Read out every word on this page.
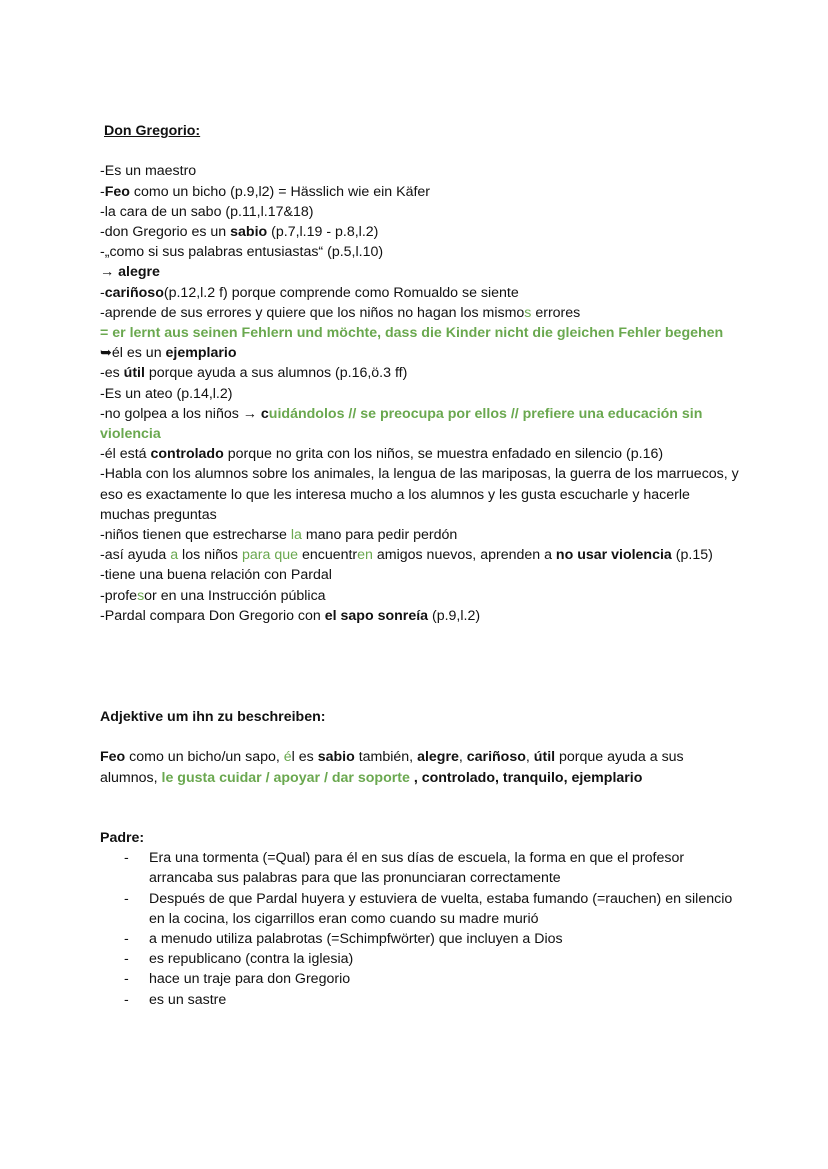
Don Gregorio:
-Es un maestro
-Feo como un bicho (p.9,l2) = Hässlich wie ein Käfer
-la cara de un sabo (p.11,l.17&18)
-don Gregorio es un sabio (p.7,l.19 - p.8,l.2)
-„como si sus palabras entusiastas“ (p.5,l.10)
→ alegre
-cariñoso(p.12,l.2 f) porque comprende como Romualdo se siente
-aprende de sus errores y quiere que los niños no hagan los mismos errores
= er lernt aus seinen Fehlern und möchte, dass die Kinder nicht die gleichen Fehler begehen
➥él es un ejemplario
-es útil porque ayuda a sus alumnos (p.16,ö.3 ff)
-Es un ateo (p.14,l.2)
-no golpea a los niños → cuidándolos // se preocupa por ellos // prefiere una educación sin violencia
-él está controlado porque no grita con los niños, se muestra enfadado en silencio (p.16)
-Habla con los alumnos sobre los animales, la lengua de las mariposas, la guerra de los marruecos, y eso es exactamente lo que les interesa mucho a los alumnos y les gusta escucharle y hacerle muchas preguntas
-niños tienen que estrecharse la mano para pedir perdón
-así ayuda a los niños para que encuentren amigos nuevos, aprenden a no usar violencia (p.15)
-tiene una buena relación con Pardal
-profesor en una Instrucción pública
-Pardal compara Don Gregorio con el sapo sonreía (p.9,l.2)
Adjektive um ihn zu beschreiben:
Feo como un bicho/un sapo, él es sabio también, alegre, cariñoso, útil porque ayuda a sus alumnos, le gusta cuidar / apoyar / dar soporte , controlado, tranquilo, ejemplario
Padre:
- Era una tormenta (=Qual) para él en sus días de escuela, la forma en que el profesor arrancaba sus palabras para que las pronunciaran correctamente
- Después de que Pardal huyera y estuviera de vuelta, estaba fumando (=rauchen) en silencio en la cocina, los cigarrillos eran como cuando su madre murió
- a menudo utiliza palabrotas (=Schimpfwörter) que incluyen a Dios
- es republicano (contra la iglesia)
- hace un traje para don Gregorio
- es un sastre
